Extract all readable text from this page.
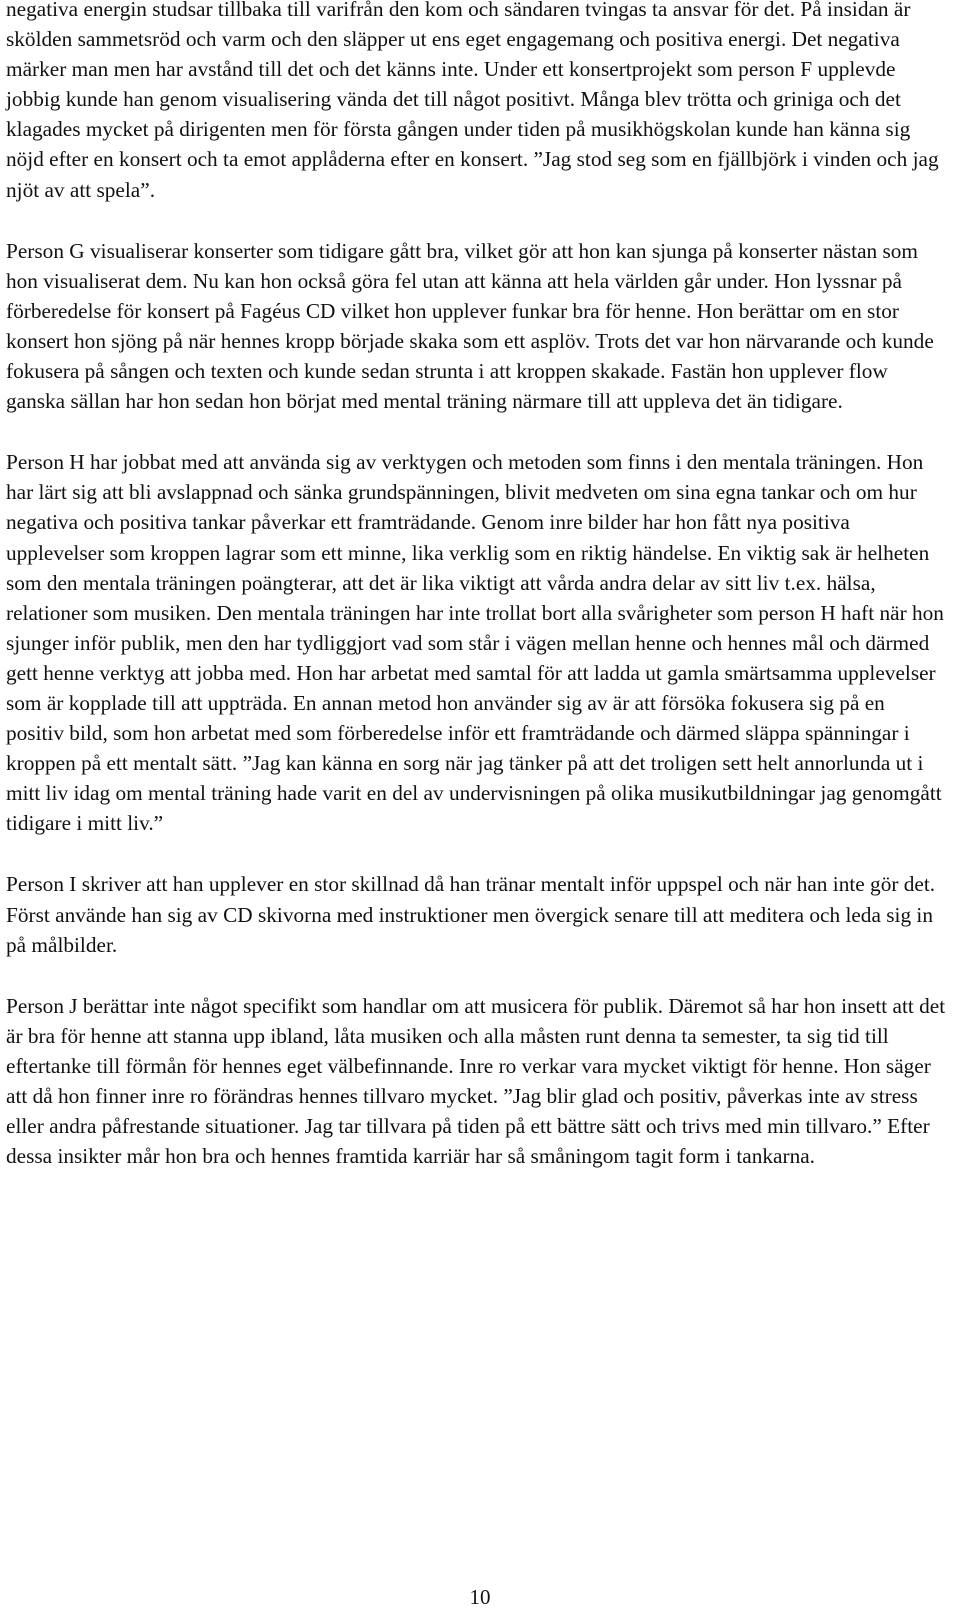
negativa energin studsar tillbaka till varifrån den kom och sändaren tvingas ta ansvar för det. På insidan är skölden sammetsröd och varm och den släpper ut ens eget engagemang och positiva energi. Det negativa märker man men har avstånd till det och det känns inte. Under ett konsertprojekt som person F upplevde jobbig kunde han genom visualisering vända det till något positivt. Många blev trötta och griniga och det klagades mycket på dirigenten men för första gången under tiden på musikhögskolan kunde han känna sig nöjd efter en konsert och ta emot applåderna efter en konsert. ”Jag stod seg som en fjällbjörk i vinden och jag njöt av att spela”.

Person G visualiserar konserter som tidigare gått bra, vilket gör att hon kan sjunga på konserter nästan som hon visualiserat dem. Nu kan hon också göra fel utan att känna att hela världen går under. Hon lyssnar på förberedelse för konsert på Fagéus CD vilket hon upplever funkar bra för henne. Hon berättar om en stor konsert hon sjöng på när hennes kropp började skaka som ett asplöv. Trots det var hon närvarande och kunde fokusera på sången och texten och kunde sedan strunta i att kroppen skakade. Fastän hon upplever flow ganska sällan har hon sedan hon börjat med mental träning närmare till att uppleva det än tidigare.

Person H har jobbat med att använda sig av verktygen och metoden som finns i den mentala träningen. Hon har lärt sig att bli avslappnad och sänka grundspänningen, blivit medveten om sina egna tankar och om hur negativa och positiva tankar påverkar ett framträdande. Genom inre bilder har hon fått nya positiva upplevelser som kroppen lagrar som ett minne, lika verklig som en riktig händelse. En viktig sak är helheten som den mentala träningen poängterar, att det är lika viktigt att vårda andra delar av sitt liv t.ex. hälsa, relationer som musiken. Den mentala träningen har inte trollat bort alla svårigheter som person H haft när hon sjunger inför publik, men den har tydliggjort vad som står i vägen mellan henne och hennes mål och därmed gett henne verktyg att jobba med. Hon har arbetat med samtal för att ladda ut gamla smärtsamma upplevelser som är kopplade till att uppträda. En annan metod hon använder sig av är att försöka fokusera sig på en positiv bild, som hon arbetat med som förberedelse inför ett framträdande och därmed släppa spänningar i kroppen på ett mentalt sätt. ”Jag kan känna en sorg när jag tänker på att det troligen sett helt annorlunda ut i mitt liv idag om mental träning hade varit en del av undervisningen på olika musikutbildningar jag genomgått tidigare i mitt liv.”

Person I skriver att han upplever en stor skillnad då han tränar mentalt inför uppspel och när han inte gör det. Först använde han sig av CD skivorna med instruktioner men övergick senare till att meditera och leda sig in på målbilder.

Person J berättar inte något specifikt som handlar om att musicera för publik. Däremot så har hon insett att det är bra för henne att stanna upp ibland, låta musiken och alla måsten runt denna ta semester, ta sig tid till eftertanke till förmån för hennes eget välbefinnande. Inre ro verkar vara mycket viktigt för henne. Hon säger att då hon finner inre ro förändras hennes tillvaro mycket. ”Jag blir glad och positiv, påverkas inte av stress eller andra påfrestande situationer. Jag tar tillvara på tiden på ett bättre sätt och trivs med min tillvaro.” Efter dessa insikter mår hon bra och hennes framtida karriär har så småningom tagit form i tankarna.

10
